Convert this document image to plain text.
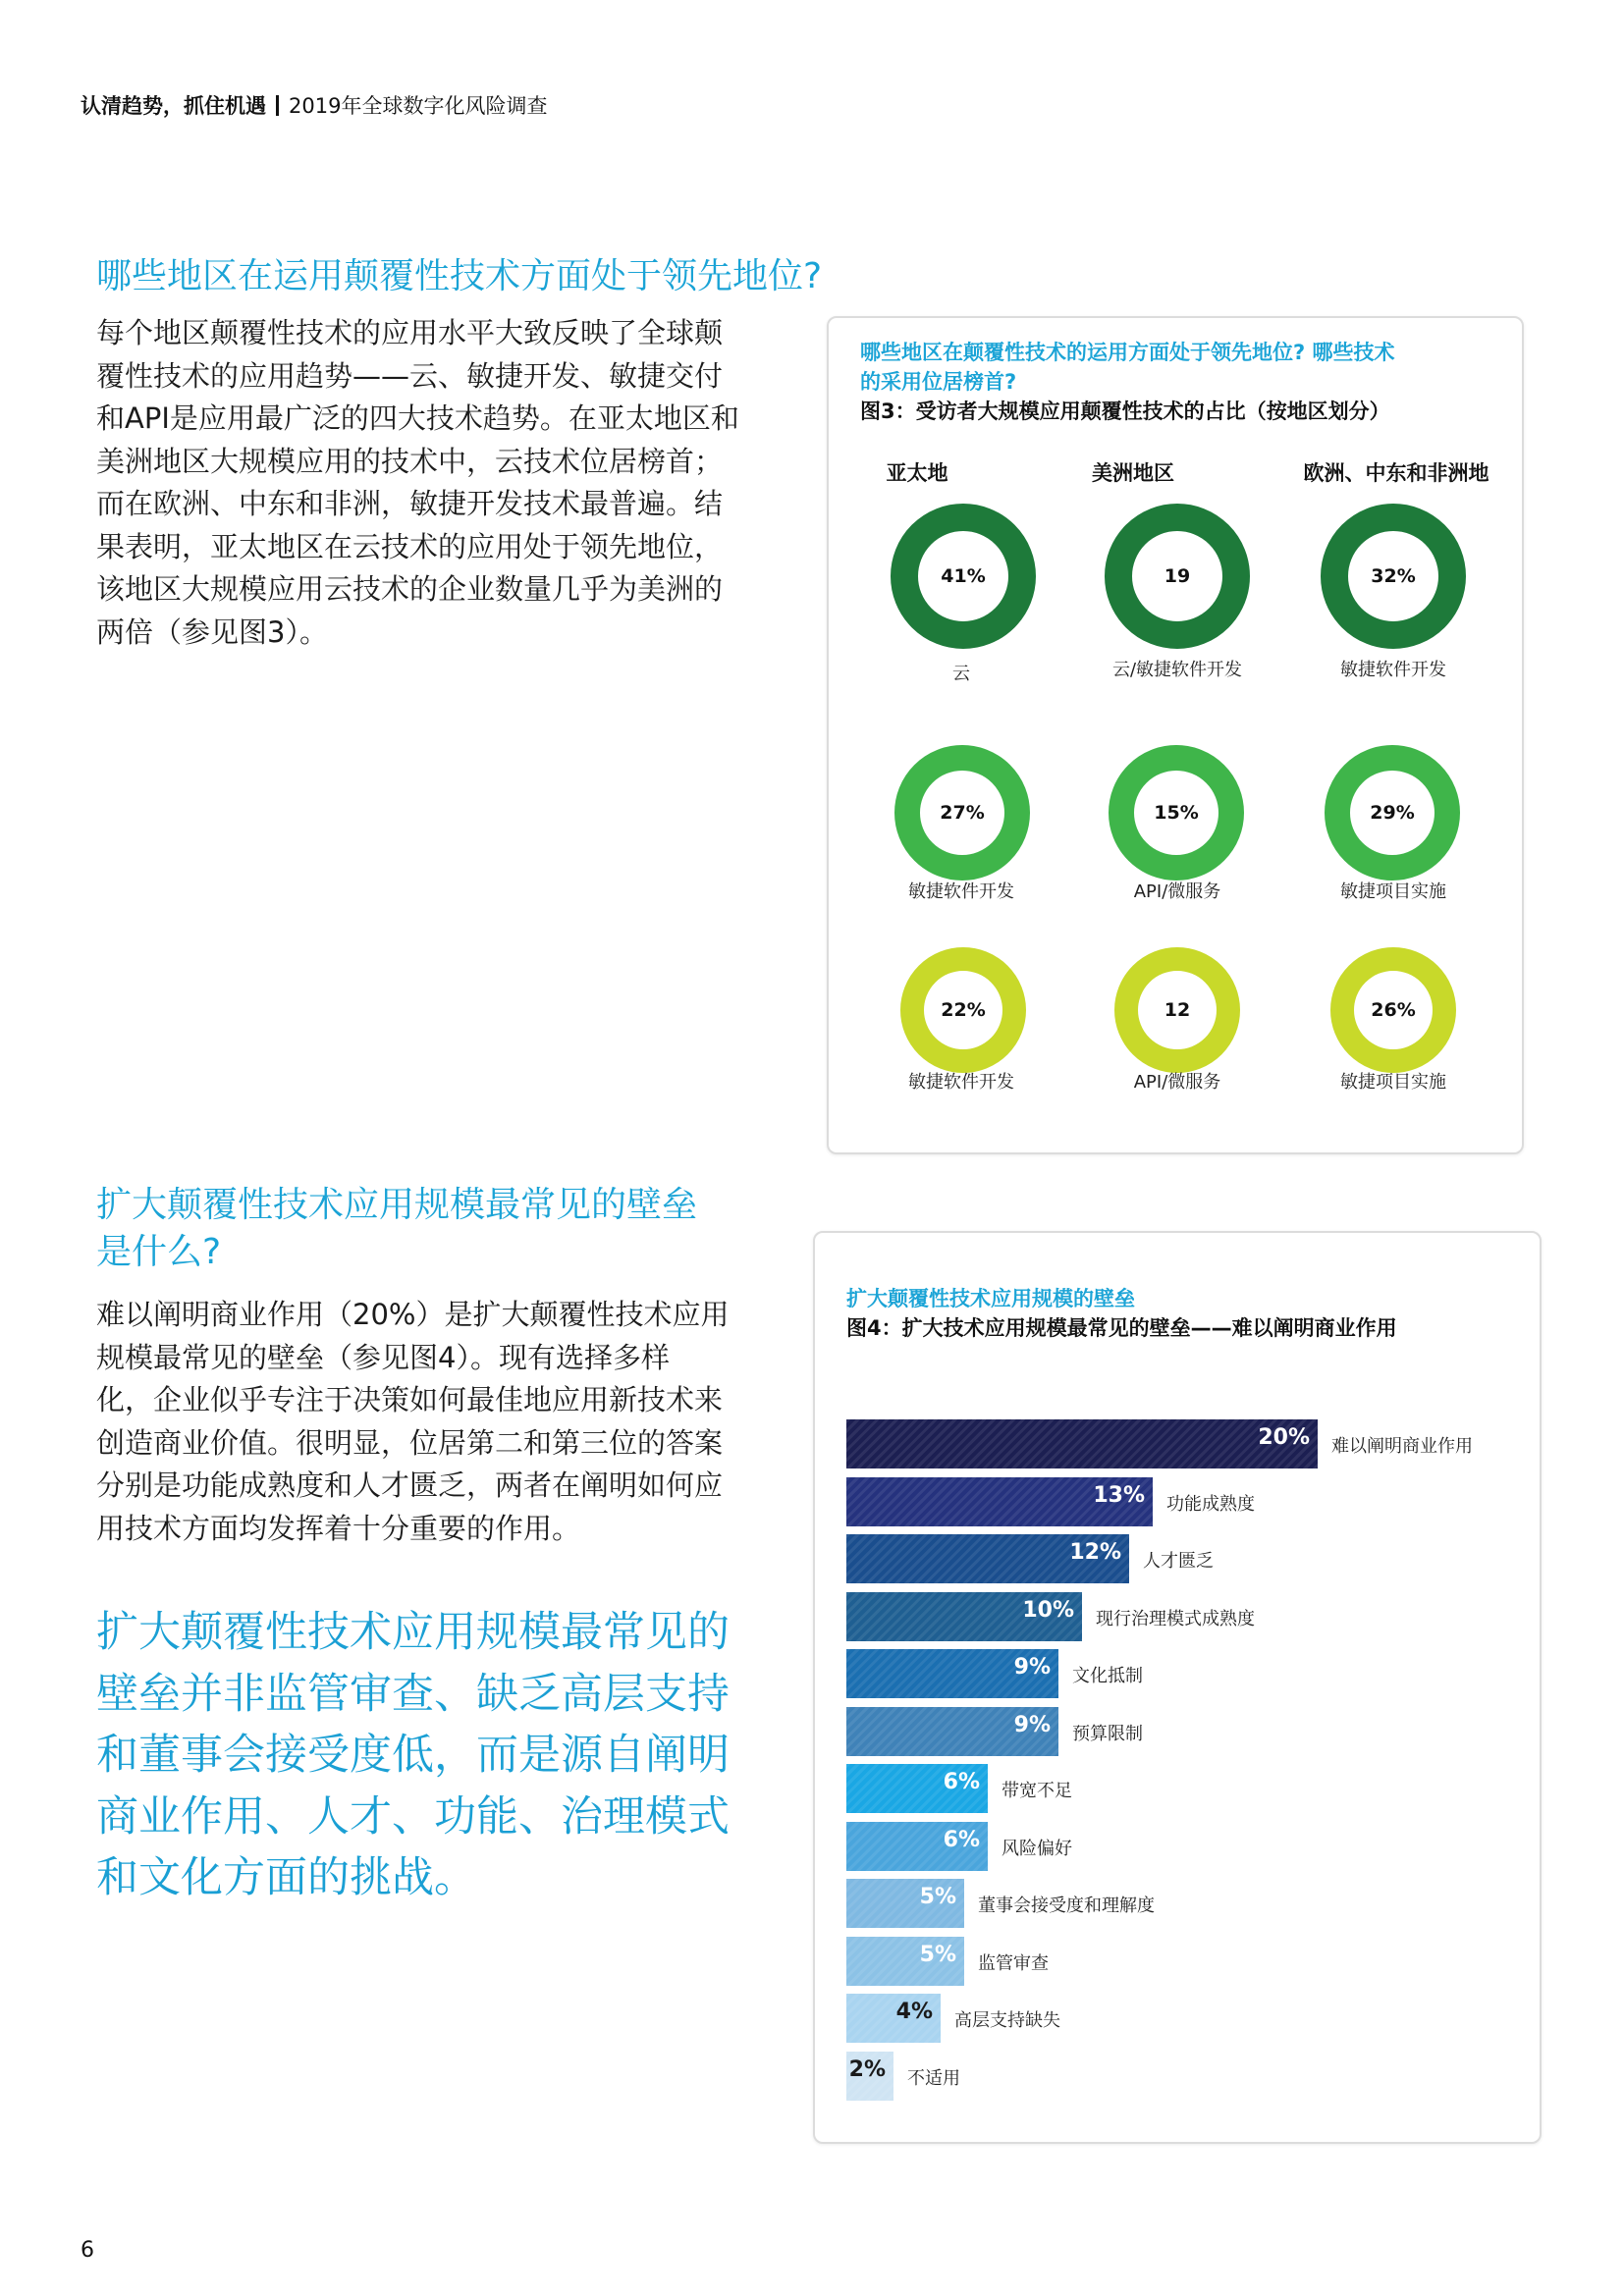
认清趋势，抓住机遇 2019年全球数字化风险调查
哪些地区在运用颠覆性技术方面处于领先地位?

每个地区颠覆性技术的应用水平大致反映了全球颠

覆性技术的应用趋势——云、敏捷开发、敏捷交付

和API是应用最广泛的四大技术趋势。在亚太地区和

美洲地区大规模应用的技术中，云技术位居榜首；

而在欧洲、中东和非洲，敏捷开发技术最普遍。结

果表明，亚太地区在云技术的应用处于领先地位，

该地区大规模应用云技术的企业数量几乎为美洲的

两倍（参见图3）。

哪些地区在颠覆性技术的运用方面处于领先地位? 哪些技术

的采用位居榜首?

图3：受访者大规模应用颠覆性技术的占比（按地区划分）

亚太地	美洲地区	欧洲、中东和非洲地
41%
云
19
云/敏捷软件开发
32%
敏捷软件开发
27%
敏捷软件开发
15%
API/微服务
29%
敏捷项目实施
22%
敏捷软件开发
12
API/微服务
26%
敏捷项目实施
扩大颠覆性技术应用规模最常见的壁垒
是什么?

难以阐明商业作用（20%）是扩大颠覆性技术应用

规模最常见的壁垒（参见图4）。现有选择多样

化，企业似乎专注于决策如何最佳地应用新技术来

创造商业价值。很明显，位居第二和第三位的答案

分别是功能成熟度和人才匮乏，两者在阐明如何应

用技术方面均发挥着十分重要的作用。

扩大颠覆性技术应用规模最常见的

壁垒并非监管审查、缺乏高层支持

和董事会接受度低，而是源自阐明

商业作用、人才、功能、治理模式

和文化方面的挑战。

扩大颠覆性技术应用规模的壁垒

图4：扩大技术应用规模最常见的壁垒——难以阐明商业作用

20% 难以阐明商业作用
13% 功能成熟度
12% 人才匮乏
10% 现行治理模式成熟度
9% 文化抵制
9% 预算限制
6% 带宽不足
6% 风险偏好
5% 董事会接受度和理解度
5% 监管审查
4% 高层支持缺失
2% 不适用
6
